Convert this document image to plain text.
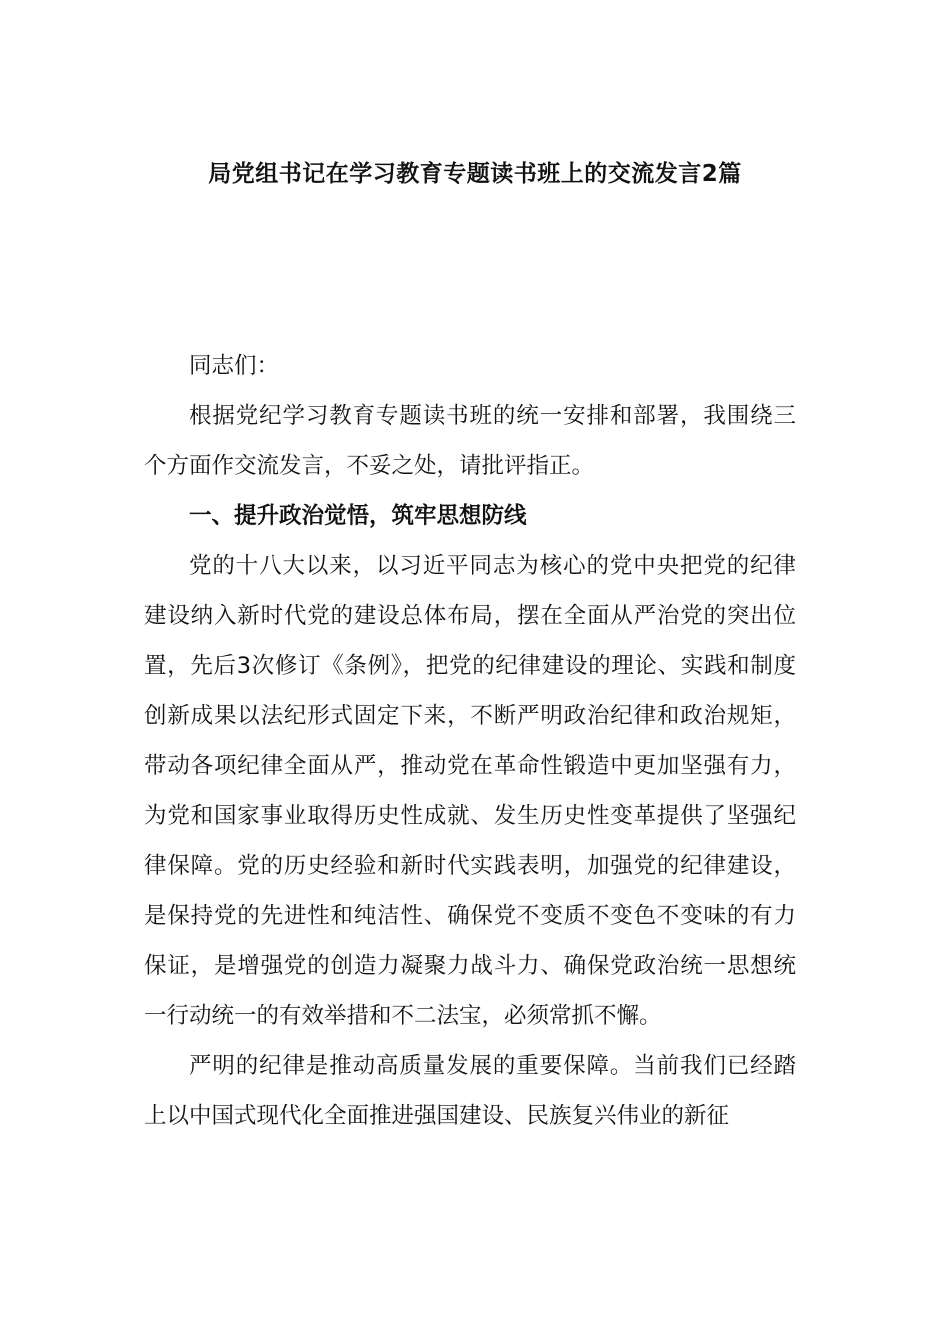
局党组书记在学习教育专题读书班上的交流发言2篇

同志们：

根据党纪学习教育专题读书班的统一安排和部署，我围绕三个方面作交流发言，不妥之处，请批评指正。

一、提升政治觉悟，筑牢思想防线

党的十八大以来，以习近平同志为核心的党中央把党的纪律建设纳入新时代党的建设总体布局，摆在全面从严治党的突出位置，先后3次修订《条例》，把党的纪律建设的理论、实践和制度创新成果以法纪形式固定下来，不断严明政治纪律和政治规矩，带动各项纪律全面从严，推动党在革命性锻造中更加坚强有力，为党和国家事业取得历史性成就、发生历史性变革提供了坚强纪律保障。党的历史经验和新时代实践表明，加强党的纪律建设，是保持党的先进性和纯洁性、确保党不变质不变色不变味的有力保证，是增强党的创造力凝聚力战斗力、确保党政治统一思想统一行动统一的有效举措和不二法宝，必须常抓不懈。

严明的纪律是推动高质量发展的重要保障。当前我们已经踏上以中国式现代化全面推进强国建设、民族复兴伟业的新征
